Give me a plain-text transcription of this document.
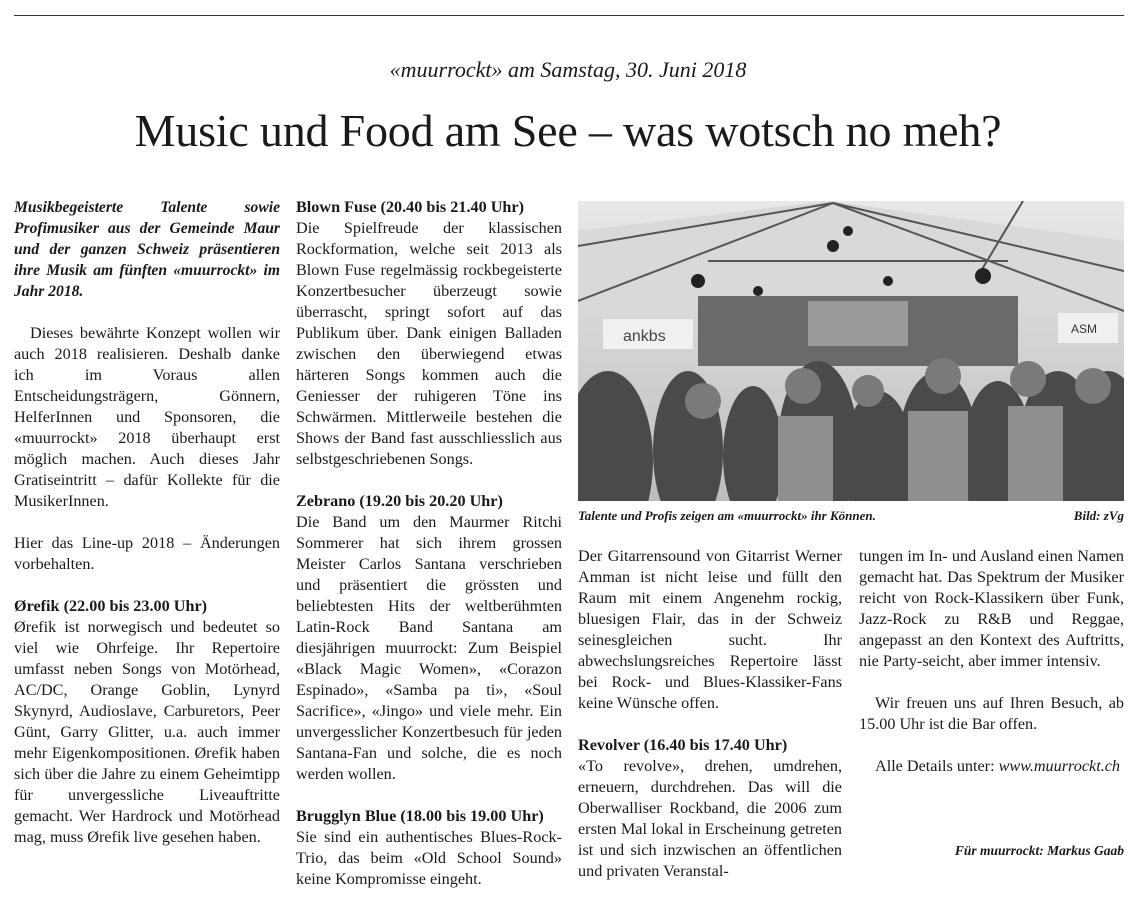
«muurrockt» am Samstag, 30. Juni 2018
Music und Food am See – was wotsch no meh?

Musikbegeisterte Talente sowie Profimusiker aus der Gemeinde Maur und der ganzen Schweiz präsentieren ihre Musik am fünften «muurrockt» im Jahr 2018.

Dieses bewährte Konzept wollen wir auch 2018 realisieren. Deshalb danke ich im Voraus allen Entscheidungsträgern, Gönnern, HelferInnen und Sponsoren, die «muurrockt» 2018 überhaupt erst möglich machen. Auch dieses Jahr Gratiseintritt – dafür Kollekte für die MusikerInnen.

Hier das Line-up 2018 – Änderungen vorbehalten.

Ørefik (22.00 bis 23.00 Uhr)

Ørefik ist norwegisch und bedeutet so viel wie Ohrfeige. Ihr Repertoire umfasst neben Songs von Motörhead, AC/DC, Orange Goblin, Lynyrd Skynyrd, Audioslave, Carburetors, Peer Günt, Garry Glitter, u.a. auch immer mehr Eigenkompositionen. Ørefik haben sich über die Jahre zu einem Geheimtipp für unvergessliche Liveauftritte gemacht. Wer Hardrock und Motörhead mag, muss Ørefik live gesehen haben.

Blown Fuse (20.40 bis 21.40 Uhr)

Die Spielfreude der klassischen Rockformation, welche seit 2013 als Blown Fuse regelmässig rockbegeisterte Konzertbesucher überzeugt sowie überrascht, springt sofort auf das Publikum über. Dank einigen Balladen zwischen den überwiegend etwas härteren Songs kommen auch die Geniesser der ruhigeren Töne ins Schwärmen. Mittlerweile bestehen die Shows der Band fast ausschliesslich aus selbstgeschriebenen Songs.

Zebrano (19.20 bis 20.20 Uhr)

Die Band um den Maurmer Ritchi Sommerer hat sich ihrem grossen Meister Carlos Santana verschrieben und präsentiert die grössten und beliebtesten Hits der weltberühmten Latin-Rock Band Santana am diesjährigen muurrockt: Zum Beispiel «Black Magic Women», «Corazon Espinado», «Samba pa ti», «Soul Sacrifice», «Jingo» und viele mehr. Ein unvergesslicher Konzertbesuch für jeden Santana-Fan und solche, die es noch werden wollen.

Brugglyn Blue (18.00 bis 19.00 Uhr)

Sie sind ein authentisches Blues-Rock-Trio, das beim «Old School Sound» keine Kompromisse eingeht.

ankbs	ASM
Talente und Profis zeigen am «muurrockt» ihr Können.	Bild: zVg

Der Gitarrensound von Gitarrist Werner Amman ist nicht leise und füllt den Raum mit einem Angenehm rockig, bluesigen Flair, das in der Schweiz seinesgleichen sucht. Ihr abwechslungsreiches Repertoire lässt bei Rock- und Blues-Klassiker-Fans keine Wünsche offen.

Revolver (16.40 bis 17.40 Uhr)

«To revolve», drehen, umdrehen, erneuern, durchdrehen. Das will die Oberwalliser Rockband, die 2006 zum ersten Mal lokal in Erscheinung getreten ist und sich inzwischen an öffentlichen und privaten Veranstal-

tungen im In- und Ausland einen Namen gemacht hat. Das Spektrum der Musiker reicht von Rock-Klassikern über Funk, Jazz-Rock zu R&B und Reggae, angepasst an den Kontext des Auftritts, nie Party-seicht, aber immer intensiv.

Wir freuen uns auf Ihren Besuch, ab 15.00 Uhr ist die Bar offen.

Alle Details unter: www.muurrockt.ch

Für muurrockt: Markus Gaab
